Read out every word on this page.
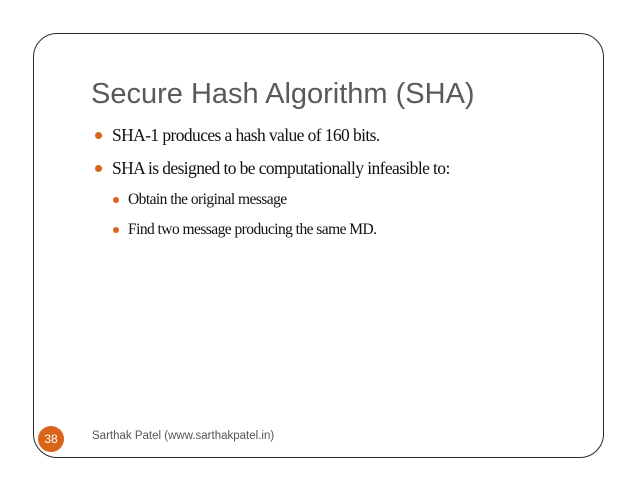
Secure Hash Algorithm (SHA)
SHA-1 produces a hash value of 160 bits.
SHA is designed to be computationally infeasible to:
Obtain the original message
Find two message producing the same MD.
38	Sarthak Patel (www.sarthakpatel.in)
